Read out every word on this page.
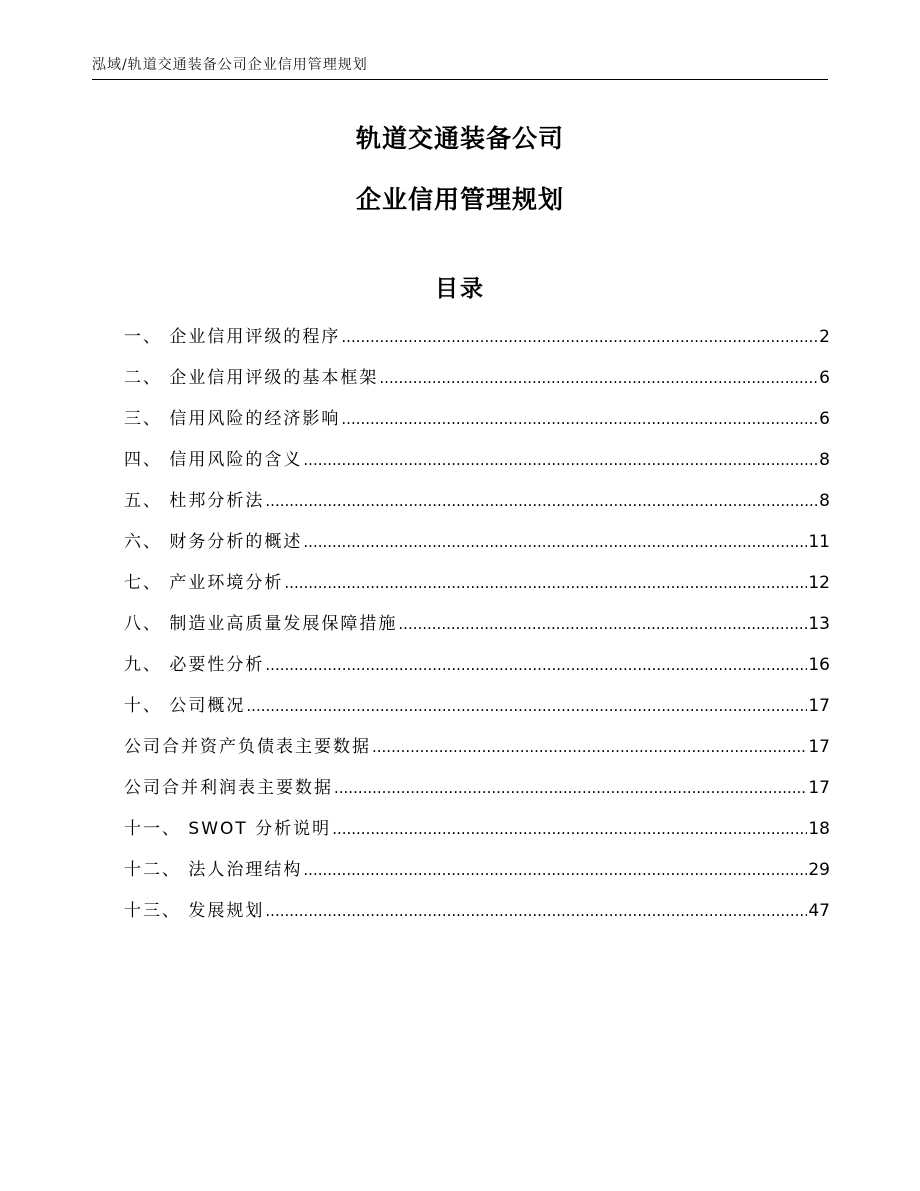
泓域/轨道交通装备公司企业信用管理规划
轨道交通装备公司
企业信用管理规划
目录
一、 企业信用评级的程序 .....	2
二、 企业信用评级的基本框架 .....	6
三、 信用风险的经济影响 .....	6
四、 信用风险的含义 .....	8
五、 杜邦分析法 .....	8
六、 财务分析的概述 .....	11
七、 产业环境分析 .....	12
八、 制造业高质量发展保障措施 .....	13
九、 必要性分析 .....	16
十、 公司概况 .....	17
公司合并资产负债表主要数据 .....	17
公司合并利润表主要数据 .....	17
十一、 SWOT 分析说明 .....	18
十二、 法人治理结构 .....	29
十三、 发展规划 .....	47
